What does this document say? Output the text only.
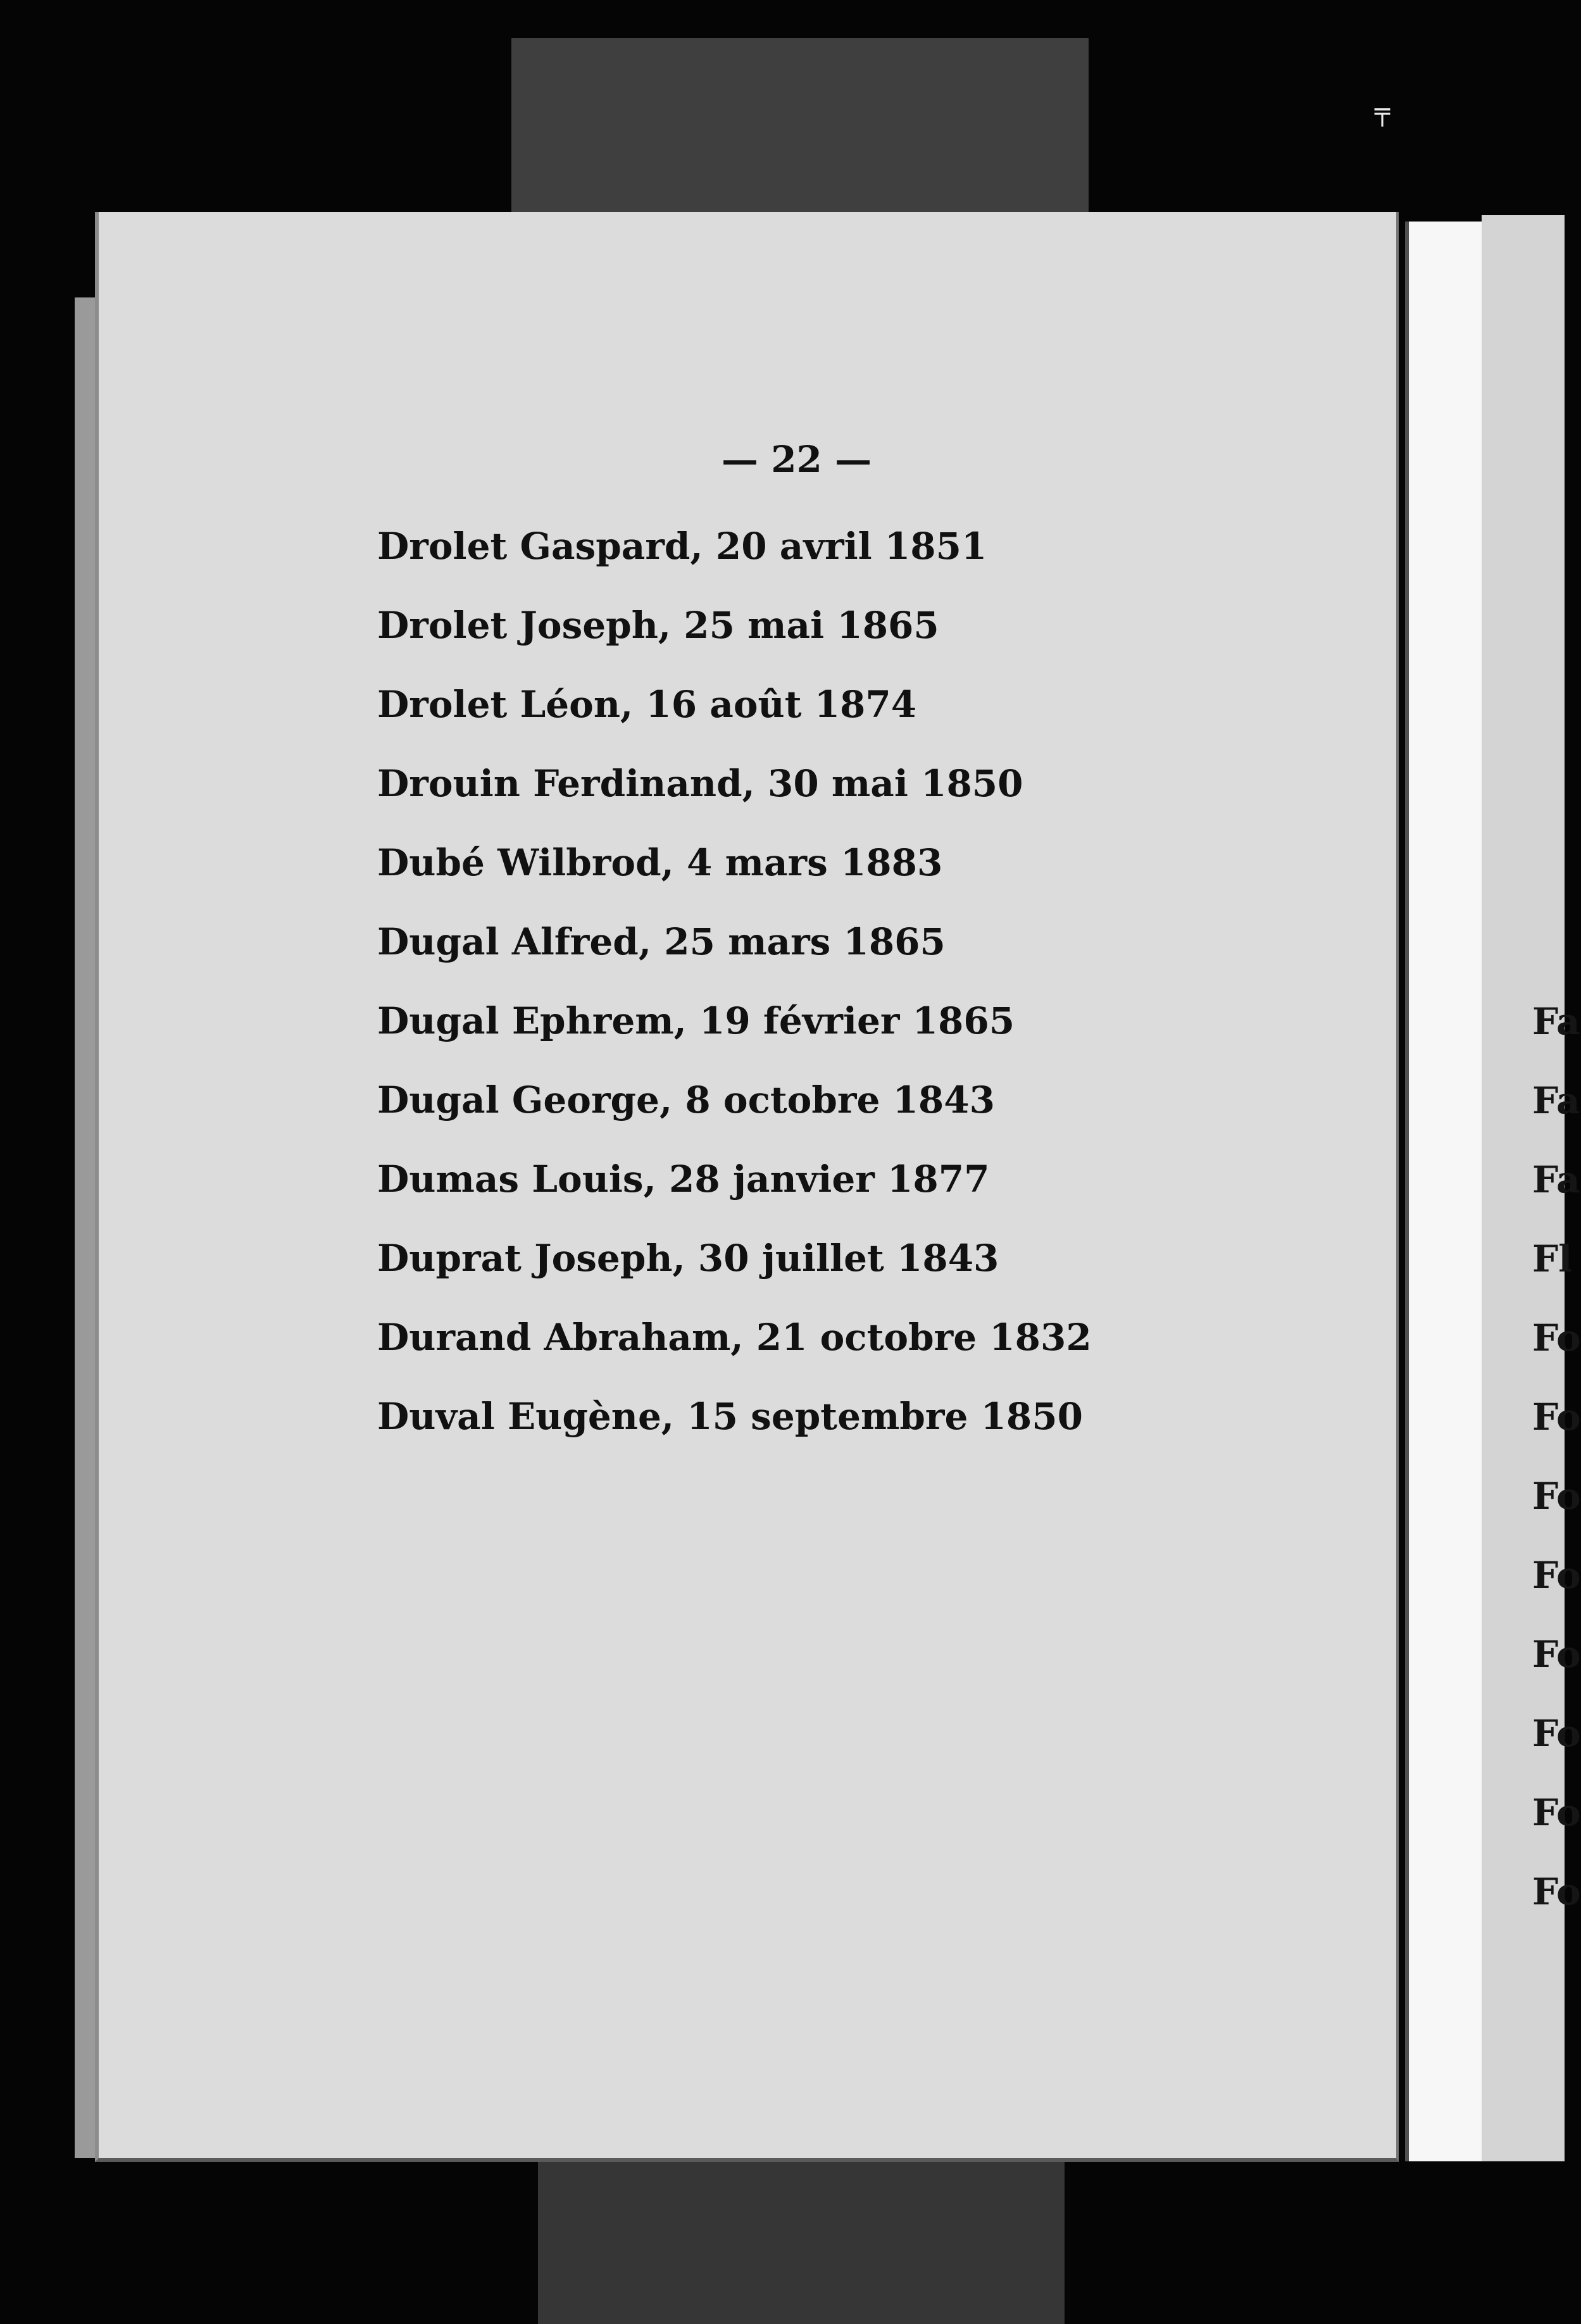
╤
— 22 —
Drolet Gaspard, 20 avril 1851
Drolet Joseph, 25 mai 1865
Drolet Léon, 16 août 1874
Drouin Ferdinand, 30 mai 1850
Dubé Wilbrod, 4 mars 1883
Dugal Alfred, 25 mars 1865
Dugal Ephrem, 19 février 1865
Dugal George, 8 octobre 1843
Dumas Louis, 28 janvier 1877
Duprat Joseph, 30 juillet 1843
Durand Abraham, 21 octobre 1832
Duval Eugène, 15 septembre 1850
Fa
Fa
Fa
Fl
Fo
Fo
Fo
Fo
Fo
Fo
Fo
Fo
